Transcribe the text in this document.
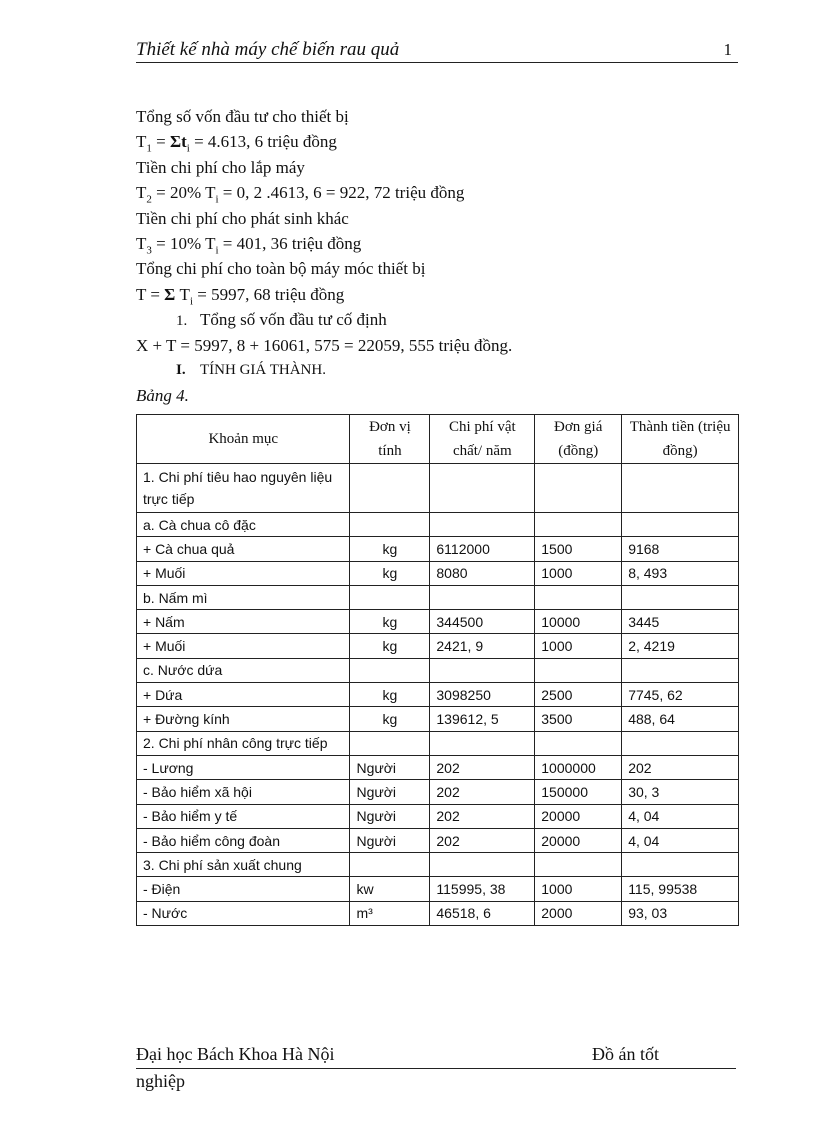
Thiết kế nhà máy chế biến rau quả	1
Tổng số vốn đầu tư cho thiết bị
$T_1 = \Sigma t_i = 4.613$, 6 triệu đồng
Tiền chi phí cho lắp máy
$T_2 = 20\%$ $T_i = 0$, 2 .4613, 6 = 922, 72 triệu đồng
Tiền chi phí cho phát sinh khác
$T_3 = 10\%$ $T_i = 401$, 36 triệu đồng
Tổng chi phí cho toàn bộ máy móc thiết bị
T = Σ $T_i = 5997$, 68 triệu đồng
1. Tổng số vốn đầu tư cố định
X + T = 5997, 8 + 16061, 575 = 22059, 555 triệu đồng.
I. TÍNH GIÁ THÀNH.
Bảng 4.
Khoản mục	Đơn vị tính	Chi phí vật chất/ năm	Đơn giá (đồng)	Thành tiền (triệu đồng)
1. Chi phí tiêu hao nguyên liệu trực tiếp				
a. Cà chua cô đặc				
+ Cà chua quả	kg	6112000	1500	9168
+ Muối	kg	8080	1000	8, 493
b. Nấm mì				
+ Nấm	kg	344500	10000	3445
+ Muối	kg	2421, 9	1000	2, 4219
c. Nước dứa				
+ Dứa	kg	3098250	2500	7745, 62
+ Đường kính	kg	139612, 5	3500	488, 64
2. Chi phí nhân công trực tiếp				
- Lương	Người	202	1000000	202
- Bảo hiểm xã hội	Người	202	150000	30, 3
- Bảo hiểm y tế	Người	202	20000	4, 04
- Bảo hiểm công đoàn	Người	202	20000	4, 04
3. Chi phí sản xuất chung				
- Điện	kw	115995, 38	1000	115, 99538
- Nước	m³	46518, 6	2000	93, 03
Đại học Bách Khoa Hà Nội	Đồ án tốt
nghiệp
